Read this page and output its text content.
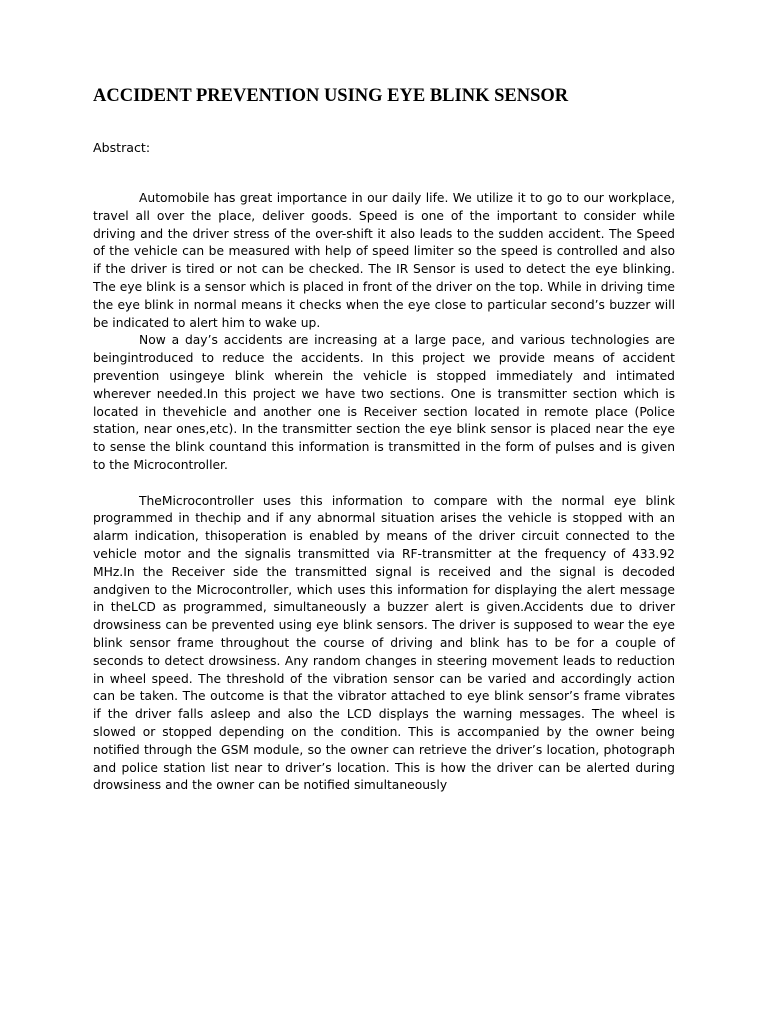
ACCIDENT PREVENTION USING EYE BLINK SENSOR

Abstract:

Automobile has great importance in our daily life. We utilize it to go to our workplace, travel all over the place, deliver goods. Speed is one of the important to consider while driving and the driver stress of the over-shift it also leads to the sudden accident. The Speed of the vehicle can be measured with help of speed limiter so the speed is controlled and also if the driver is tired or not can be checked. The IR Sensor is used to detect the eye blinking. The eye blink is a sensor which is placed in front of the driver on the top. While in driving time the eye blink in normal means it checks when the eye close to particular second’s buzzer will be indicated to alert him to wake up.

Now a day’s accidents are increasing at a large pace, and various technologies are beingintroduced to reduce the accidents. In this project we provide means of accident prevention usingeye blink wherein the vehicle is stopped immediately and intimated wherever needed.In this project we have two sections. One is transmitter section which is located in thevehicle and another one is Receiver section located in remote place (Police station, near ones,etc). In the transmitter section the eye blink sensor is placed near the eye to sense the blink countand this information is transmitted in the form of pulses and is given to the Microcontroller.

TheMicrocontroller uses this information to compare with the normal eye blink programmed in thechip and if any abnormal situation arises the vehicle is stopped with an alarm indication, thisoperation is enabled by means of the driver circuit connected to the vehicle motor and the signalis transmitted via RF-transmitter at the frequency of 433.92 MHz.In the Receiver side the transmitted signal is received and the signal is decoded andgiven to the Microcontroller, which uses this information for displaying the alert message in theLCD as programmed, simultaneously a buzzer alert is given.Accidents due to driver drowsiness can be prevented using eye blink sensors. The driver is supposed to wear the eye blink sensor frame throughout the course of driving and blink has to be for a couple of seconds to detect drowsiness. Any random changes in steering movement leads to reduction in wheel speed. The threshold of the vibration sensor can be varied and accordingly action can be taken. The outcome is that the vibrator attached to eye blink sensor’s frame vibrates if the driver falls asleep and also the LCD displays the warning messages. The wheel is slowed or stopped depending on the condition. This is accompanied by the owner being notified through the GSM module, so the owner can retrieve the driver’s location, photograph and police station list near to driver’s location. This is how the driver can be alerted during drowsiness and the owner can be notified simultaneously
